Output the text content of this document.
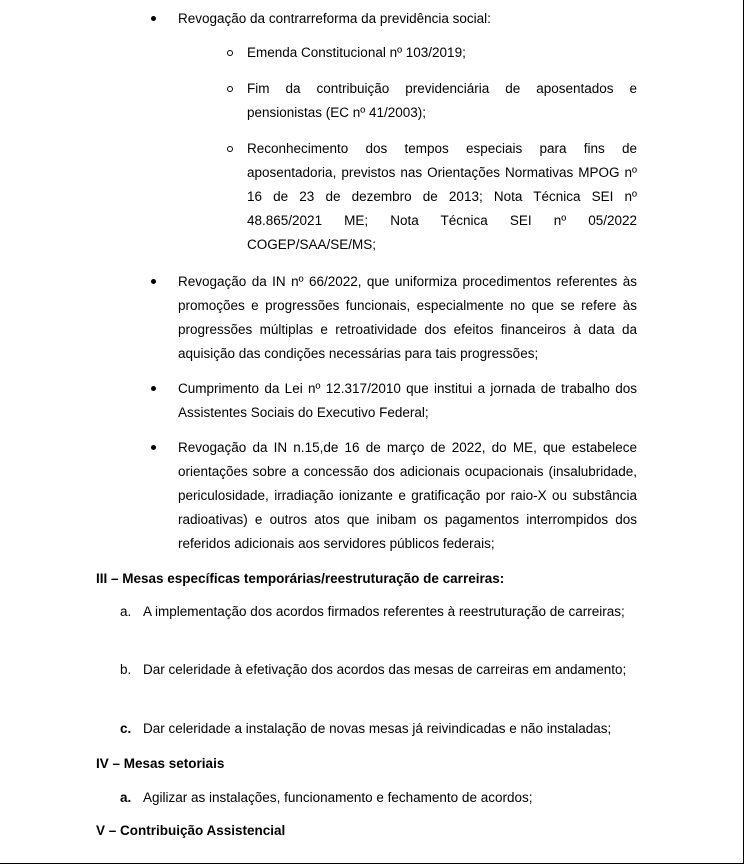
Revogação da contrarreforma da previdência social:
Emenda Constitucional nº 103/2019;
Fim da contribuição previdenciária de aposentados e pensionistas (EC nº 41/2003);
Reconhecimento dos tempos especiais para fins de aposentadoria, previstos nas Orientações Normativas MPOG nº 16 de 23 de dezembro de 2013; Nota Técnica SEI nº 48.865/2021 ME; Nota Técnica SEI nº 05/2022 COGEP/SAA/SE/MS;
Revogação da IN nº 66/2022, que uniformiza procedimentos referentes às promoções e progressões funcionais, especialmente no que se refere às progressões múltiplas e retroatividade dos efeitos financeiros à data da aquisição das condições necessárias para tais progressões;
Cumprimento da Lei nº 12.317/2010 que institui a jornada de trabalho dos Assistentes Sociais do Executivo Federal;
Revogação da IN n.15,de 16 de março de 2022, do ME, que estabelece orientações sobre a concessão dos adicionais ocupacionais (insalubridade, periculosidade, irradiação ionizante e gratificação por raio-X ou substância radioativas) e outros atos que inibam os pagamentos interrompidos dos referidos adicionais aos servidores públicos federais;
III – Mesas específicas temporárias/reestruturação de carreiras:
a. A implementação dos acordos firmados referentes à reestruturação de carreiras;
b. Dar celeridade à efetivação dos acordos das mesas de carreiras em andamento;
c. Dar celeridade a instalação de novas mesas já reivindicadas e não instaladas;
IV – Mesas setoriais
a. Agilizar as instalações, funcionamento e fechamento de acordos;
V – Contribuição Assistencial
